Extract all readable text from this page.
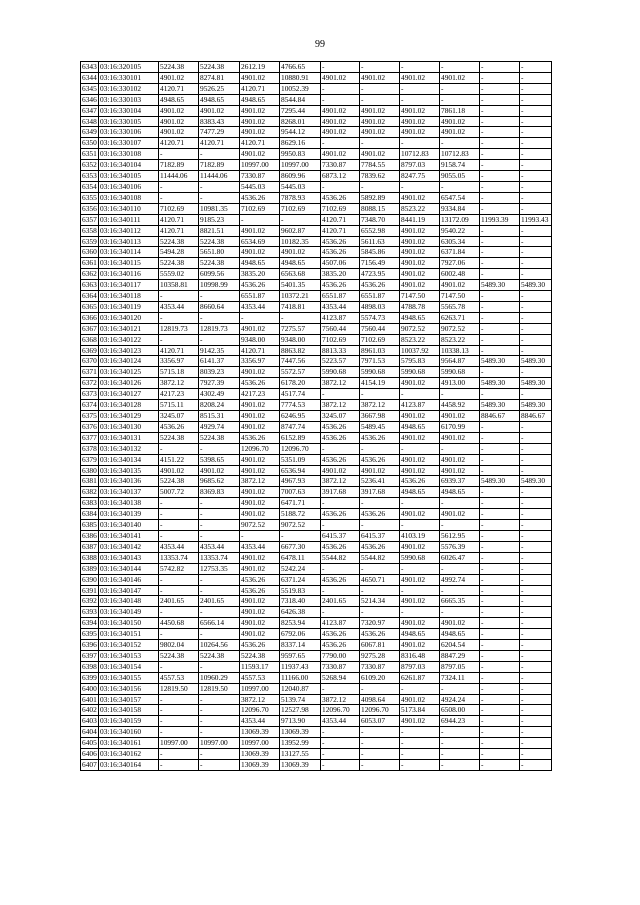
99
6343	03:16:320105	5224.38	5224.38	2612.19	4766.65	-	-	-	-	-	-
6344	03:16:330101	4901.02	8274.81	4901.02	10880.91	4901.02	4901.02	4901.02	4901.02	-	-
6345	03:16:330102	4120.71	9526.25	4120.71	10052.39	-	-	-	-	-	-
6346	03:16:330103	4948.65	4948.65	4948.65	8544.84	-	-	-	-	-	-
6347	03:16:330104	4901.02	4901.02	4901.02	7295.44	4901.02	4901.02	4901.02	7861.18	-	-
6348	03:16:330105	4901.02	8383.43	4901.02	8268.01	4901.02	4901.02	4901.02	4901.02	-	-
6349	03:16:330106	4901.02	7477.29	4901.02	9544.12	4901.02	4901.02	4901.02	4901.02	-	-
6350	03:16:330107	4120.71	4120.71	4120.71	8629.16	-	-	-	-	-	-
6351	03:16:330108	-	-	4901.02	9950.83	4901.02	4901.02	10712.83	10712.83	-	-
6352	03:16:340104	7182.89	7182.89	10997.00	10997.00	7330.87	7784.55	8797.03	9158.74	-	-
6353	03:16:340105	11444.06	11444.06	7330.87	8609.96	6873.12	7839.62	8247.75	9055.05	-	-
6354	03:16:340106	-	-	5445.03	5445.03	-	-	-	-	-	-
6355	03:16:340108	-	-	4536.26	7878.93	4536.26	5892.89	4901.02	6547.54	-	-
6356	03:16:340110	7102.69	10981.35	7102.69	7102.69	7102.69	8088.15	8523.22	9334.84	-	-
6357	03:16:340111	4120.71	9185.23	-	-	4120.71	7348.70	8441.19	13172.09	11993.39	11993.43
6358	03:16:340112	4120.71	8821.51	4901.02	9602.87	4120.71	6552.98	4901.02	9540.22	-	-
6359	03:16:340113	5224.38	5224.38	6534.69	10182.35	4536.26	5611.63	4901.02	6305.34	-	-
6360	03:16:340114	5494.28	5651.80	4901.02	4901.02	4536.26	5845.86	4901.02	6371.84	-	-
6361	03:16:340115	5224.38	5224.38	4948.65	4948.65	4507.06	7156.49	4901.02	7927.06	-	-
6362	03:16:340116	5559.02	6099.56	3835.20	6563.68	3835.20	4723.95	4901.02	6002.48	-	-
6363	03:16:340117	10358.81	10998.99	4536.26	5401.35	4536.26	4536.26	4901.02	4901.02	5489.30	5489.30
6364	03:16:340118	-	-	6551.87	10372.21	6551.87	6551.87	7147.50	7147.50	-	-
6365	03:16:340119	4353.44	8660.64	4353.44	7418.81	4353.44	4898.03	4788.78	5565.78	-	-
6366	03:16:340120	-	-	-	-	4123.87	5574.73	4948.65	6263.71	-	-
6367	03:16:340121	12819.73	12819.73	4901.02	7275.57	7560.44	7560.44	9072.52	9072.52	-	-
6368	03:16:340122	-	-	9348.00	9348.00	7102.69	7102.69	8523.22	8523.22	-	-
6369	03:16:340123	4120.71	9142.35	4120.71	8863.82	8813.33	8961.03	10037.92	10338.13	-	-
6370	03:16:340124	3356.97	6141.37	3356.97	7447.56	5223.57	7971.53	5795.83	9564.87	5489.30	5489.30
6371	03:16:340125	5715.18	8039.23	4901.02	5572.57	5990.68	5990.68	5990.68	5990.68	-	-
6372	03:16:340126	3872.12	7927.39	4536.26	6178.20	3872.12	4154.19	4901.02	4913.00	5489.30	5489.30
6373	03:16:340127	4217.23	4302.49	4217.23	4517.74	-	-	-	-	-	-
6374	03:16:340128	5715.11	8208.24	4901.02	7774.53	3872.12	3872.12	4123.87	4458.92	5489.30	5489.30
6375	03:16:340129	3245.07	8515.31	4901.02	6246.95	3245.07	3667.98	4901.02	4901.02	8846.67	8846.67
6376	03:16:340130	4536.26	4929.74	4901.02	8747.74	4536.26	5489.45	4948.65	6170.99	-	-
6377	03:16:340131	5224.38	5224.38	4536.26	6152.89	4536.26	4536.26	4901.02	4901.02	-	-
6378	03:16:340132	-	-	12096.70	12096.70	-	-	-	-	-	-
6379	03:16:340134	4151.22	5398.65	4901.02	5351.09	4536.26	4536.26	4901.02	4901.02	-	-
6380	03:16:340135	4901.02	4901.02	4901.02	6536.94	4901.02	4901.02	4901.02	4901.02	-	-
6381	03:16:340136	5224.38	9685.62	3872.12	4967.93	3872.12	5236.41	4536.26	6939.37	5489.30	5489.30
6382	03:16:340137	5007.72	8369.83	4901.02	7007.63	3917.68	3917.68	4948.65	4948.65	-	-
6383	03:16:340138	-	-	4901.02	6471.71	-	-	-	-	-	-
6384	03:16:340139	-	-	4901.02	5188.72	4536.26	4536.26	4901.02	4901.02	-	-
6385	03:16:340140	-	-	9072.52	9072.52	-	-	-	-	-	-
6386	03:16:340141	-	-	-	-	6415.37	6415.37	4103.19	5612.95	-	-
6387	03:16:340142	4353.44	4353.44	4353.44	6677.30	4536.26	4536.26	4901.02	5576.39	-	-
6388	03:16:340143	13353.74	13353.74	4901.02	6478.11	5544.82	5544.82	5990.68	6026.47	-	-
6389	03:16:340144	5742.82	12753.35	4901.02	5242.24	-	-	-	-	-	-
6390	03:16:340146	-	-	4536.26	6371.24	4536.26	4650.71	4901.02	4992.74	-	-
6391	03:16:340147	-	-	4536.26	5519.83	-	-	-	-	-	-
6392	03:16:340148	2401.65	2401.65	4901.02	7318.40	2401.65	5214.34	4901.02	6665.35	-	-
6393	03:16:340149	-	-	4901.02	6426.38	-	-	-	-	-	-
6394	03:16:340150	4450.68	6566.14	4901.02	8253.94	4123.87	7320.97	4901.02	4901.02	-	-
6395	03:16:340151	-	-	4901.02	6792.06	4536.26	4536.26	4948.65	4948.65	-	-
6396	03:16:340152	9802.04	10264.56	4536.26	8337.14	4536.26	6067.81	4901.02	6204.54	-	-
6397	03:16:340153	5224.38	5224.38	5224.38	9597.65	7790.00	9275.28	8316.48	8847.29	-	-
6398	03:16:340154	-	-	11593.17	11937.43	7330.87	7330.87	8797.03	8797.05	-	-
6399	03:16:340155	4557.53	10960.29	4557.53	11166.00	5268.94	6109.20	6261.87	7324.11	-	-
6400	03:16:340156	12819.50	12819.50	10997.00	12040.87	-	-	-	-	-	-
6401	03:16:340157	-	-	3872.12	5139.74	3872.12	4098.64	4901.02	4924.24	-	-
6402	03:16:340158	-	-	12096.70	12527.98	12096.70	12096.70	5173.84	6508.00	-	-
6403	03:16:340159	-	-	4353.44	9713.90	4353.44	6053.07	4901.02	6944.23	-	-
6404	03:16:340160	-	-	13069.39	13069.39	-	-	-	-	-	-
6405	03:16:340161	10997.00	10997.00	10997.00	13952.99	-	-	-	-	-	-
6406	03:16:340162	-	-	13069.39	13127.55	-	-	-	-	-	-
6407	03:16:340164	-	-	13069.39	13069.39	-	-	-	-	-	-
